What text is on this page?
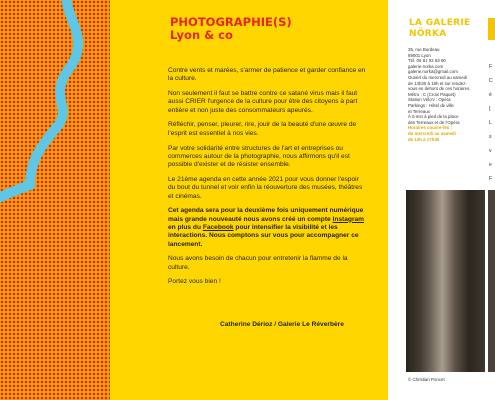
PHOTOGRAPHIE(S)
Lyon & co

Contre vents et marées, s'armer de patience et garder confiance en la culture.

Non seulement il faut se battre contre ce satané virus mais il faut aussi CRIER l'urgence de la culture pour être des citoyens à part entière et non juste des consommateurs apeurés.

Réfléchir, penser, pleurer, rire, jouir de la beauté d'une œuvre de l'esprit est essentiel à nos vies.

Par votre solidarité entre structures de l'art et entreprises ou commerces autour de la photographie, nous affirmons qu'il est possible d'exister et de résister ensemble.

Le 21ème agenda en cette année 2021 pour vous donner l'espoir du bout du tunnel et voir enfin la réouverture des musées, théâtres et cinémas.

Cet agenda sera pour la deuxième fois uniquement numérique mais grande nouveauté nous avons créé un compte Instagram en plus du Facebook pour intensifier la visibilité et les interactions. Nous comptons sur vous pour accompagner ce lancement.

Nous avons besoin de chacun pour entretenir la flamme de la culture.

Portez vous bien !

Catherine Dérioz / Galerie Le Réverbère
LA GALERIE
NÖRKA
35, rue Burdeau
69001 Lyon
Tél. 06 81 02 63 90
galerie-norka.com
galerie.norka@gmail.com
Ouvert du mercredi au samedi
de 14h30 à 19h et sur rendez-
vous en dehors de ces horaires.
Métro : C (Croix Paquet)
Station Vélo'v : Opéra
Parkings : Hôtel de ville
et Terreaux
À 5 min à pied de la place
des Terreaux et de l'Opéra
Horaires couvre-feu :
du mercredi au samedi
de 12h à 17h30
© Christian Poncet
F
C
é
[
L
s
v
e
F
